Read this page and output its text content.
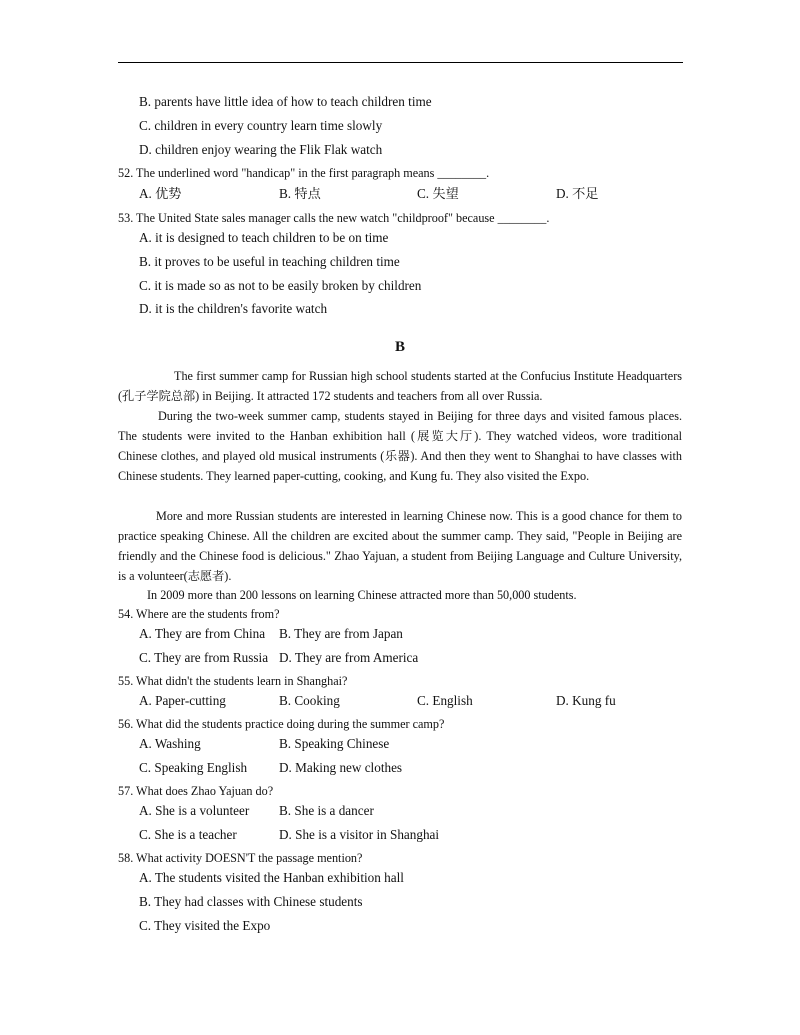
B. parents have little idea of how to teach children time
C. children in every country learn time slowly
D. children enjoy wearing the Flik Flak watch
52. The underlined word "handicap" in the first paragraph means ________.
A. 优势	B. 特点	C. 失望	D. 不足
53. The United State sales manager calls the new watch "childproof" because ________.
A. it is designed to teach children to be on time
B. it proves to be useful in teaching children time
C. it is made so as not to be easily broken by children
D. it is the children's favorite watch
B
The first summer camp for Russian high school students started at the Confucius Institute Headquarters (孔子学院总部) in Beijing. It attracted 172 students and teachers from all over Russia.
During the two-week summer camp, students stayed in Beijing for three days and visited famous places. The students were invited to the Hanban exhibition hall (展览大厅). They watched videos, wore traditional Chinese clothes, and played old musical instruments (乐器). And then they went to Shanghai to have classes with Chinese students. They learned paper-cutting, cooking, and Kung fu. They also visited the Expo.
More and more Russian students are interested in learning Chinese now. This is a good chance for them to practice speaking Chinese. All the children are excited about the summer camp. They said, "People in Beijing are friendly and the Chinese food is delicious." Zhao Yajuan, a student from Beijing Language and Culture University, is a volunteer(志愿者).
In 2009 more than 200 lessons on learning Chinese attracted more than 50,000 students.
54. Where are the students from?
A. They are from China B. They are from Japan
C. They are from Russia D. They are from America
55. What didn't the students learn in Shanghai?
A. Paper-cutting	B. Cooking	C. English	D. Kung fu
56. What did the students practice doing during the summer camp?
A. Washing	B. Speaking Chinese
C. Speaking English D. Making new clothes
57. What does Zhao Yajuan do?
A. She is a volunteer B. She is a dancer
C. She is a teacher	D. She is a visitor in Shanghai
58. What activity DOESN'T the passage mention?
A. The students visited the Hanban exhibition hall
B. They had classes with Chinese students
C. They visited the Expo
